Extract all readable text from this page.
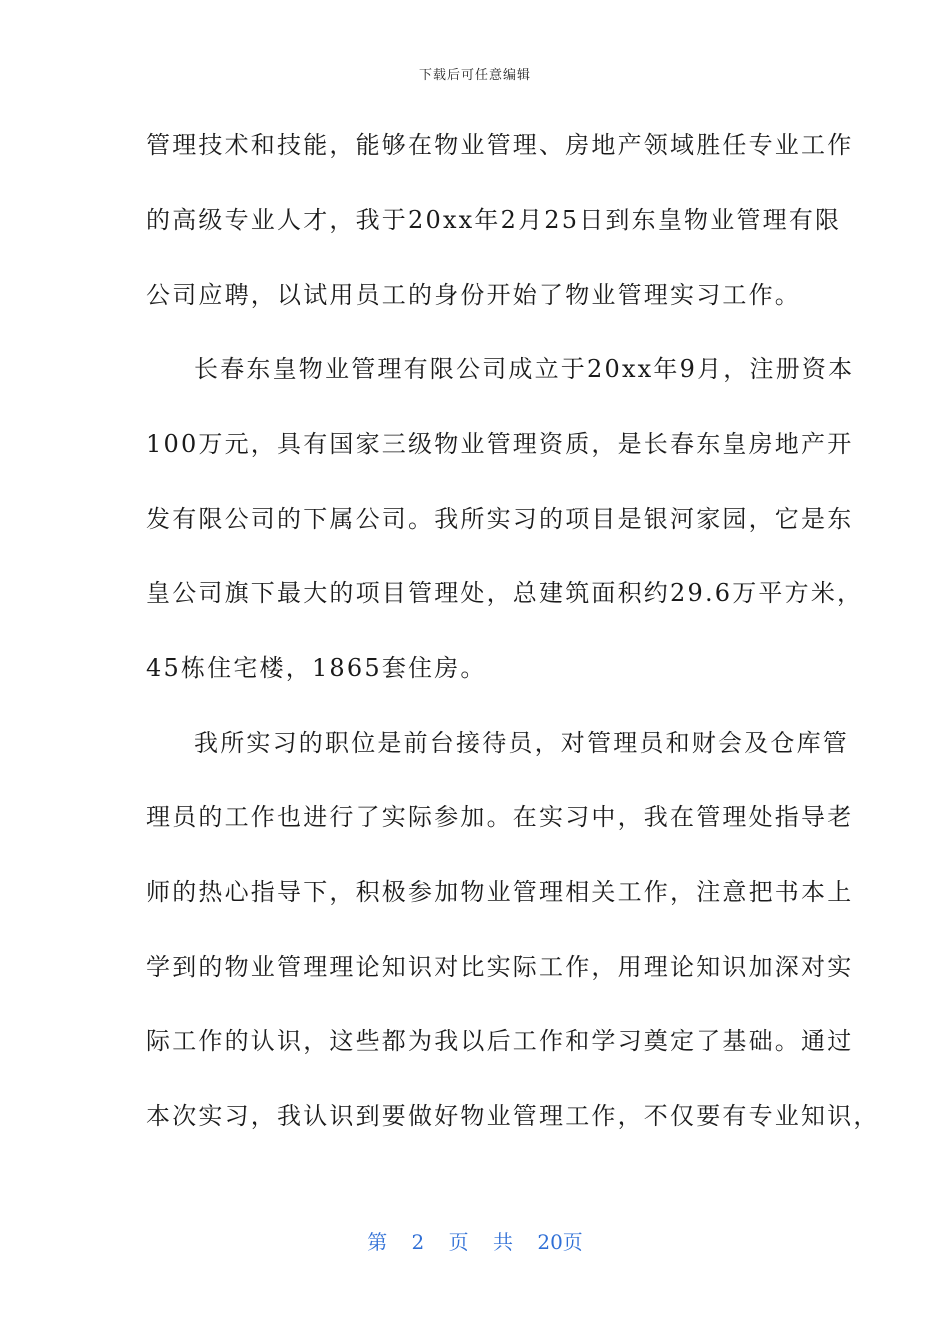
下载后可任意编辑
管理技术和技能，能够在物业管理、房地产领域胜任专业工作
的高级专业人才，我于20xx年2月25日到东皇物业管理有限
公司应聘，以试用员工的身份开始了物业管理实习工作。
长春东皇物业管理有限公司成立于20xx年9月，注册资本
100万元，具有国家三级物业管理资质，是长春东皇房地产开
发有限公司的下属公司。我所实习的项目是银河家园，它是东
皇公司旗下最大的项目管理处，总建筑面积约29.6万平方米，
45栋住宅楼，1865套住房。
我所实习的职位是前台接待员，对管理员和财会及仓库管
理员的工作也进行了实际参加。在实习中，我在管理处指导老
师的热心指导下，积极参加物业管理相关工作，注意把书本上
学到的物业管理理论知识对比实际工作，用理论知识加深对实
际工作的认识，这些都为我以后工作和学习奠定了基础。通过
本次实习，我认识到要做好物业管理工作，不仅要有专业知识，
第 2 页 共 20页
